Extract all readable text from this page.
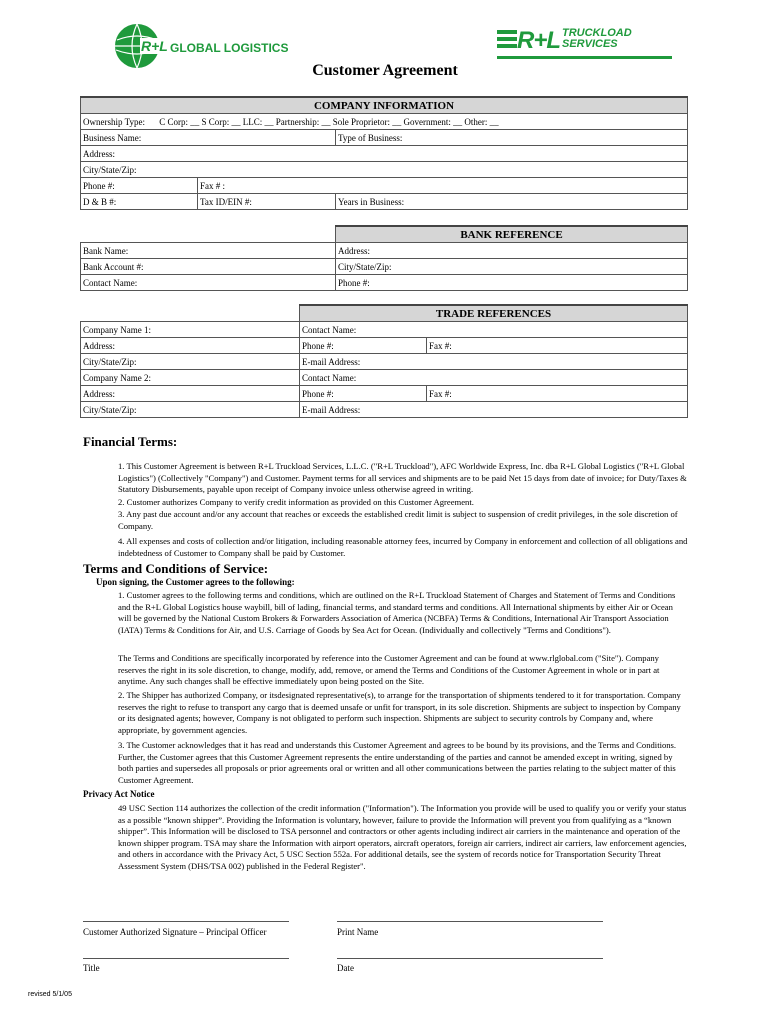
R+L GLOBAL LOGISTICS	R+L TRUCKLOAD
SERVICES
Customer Agreement
COMPANY INFORMATION		
Ownership Type: C Corp: __ S Corp: __ LLC: __ Partnership: __ Sole Proprietor: __ Government: __ Other: __		
Business Name:		Type of Business:
Address:		
City/State/Zip:		
Phone #:	Fax # :	
D & B #:	Tax ID/EIN #:	Years in Business:
	BANK REFERENCE
Bank Name:	Address:
Bank Account #:	City/State/Zip:
Contact Name:	Phone #:
	TRADE REFERENCES	
Company Name 1:	Contact Name:	
Address:	Phone #:	Fax #:
City/State/Zip:	E-mail Address:	
Company Name 2:	Contact Name:	
Address:	Phone #:	Fax #:
City/State/Zip:	E-mail Address:	
Financial Terms:
1. This Customer Agreement is between R+L Truckload Services, L.L.C. ("R+L Truckload"), AFC Worldwide Express, Inc. dba R+L Global Logistics ("R+L Global Logistics") (Collectively "Company") and Customer. Payment terms for all services and shipments are to be paid Net 15 days from date of invoice; for Duty/Taxes & Statutory Disbursements, payable upon receipt of Company invoice unless otherwise agreed in writing.
2. Customer authorizes Company to verify credit information as provided on this Customer Agreement.
3. Any past due account and/or any account that reaches or exceeds the established credit limit is subject to suspension of credit privileges, in the sole discretion of Company.
4. All expenses and costs of collection and/or litigation, including reasonable attorney fees, incurred by Company in enforcement and collection of all obligations and indebtedness of Customer to Company shall be paid by Customer.
Terms and Conditions of Service:
Upon signing, the Customer agrees to the following:
1. Customer agrees to the following terms and conditions, which are outlined on the R+L Truckload Statement of Charges and Statement of Terms and Conditions and the R+L Global Logistics house waybill, bill of lading, financial terms, and standard terms and conditions. All International shipments by either Air or Ocean will be governed by the National Custom Brokers & Forwarders Association of America (NCBFA) Terms & Conditions, International Air Transport Association (IATA) Terms & Conditions for Air, and U.S. Carriage of Goods by Sea Act for Ocean. (Individually and collectively "Terms and Conditions").
The Terms and Conditions are specifically incorporated by reference into the Customer Agreement and can be found at www.rlglobal.com ("Site"). Company reserves the right in its sole discretion, to change, modify, add, remove, or amend the Terms and Conditions of the Customer Agreement in whole or in part at anytime. Any such changes shall be effective immediately upon being posted on the Site.
2. The Shipper has authorized Company, or itsdesignated representative(s), to arrange for the transportation of shipments tendered to it for transportation. Company reserves the right to refuse to transport any cargo that is deemed unsafe or unfit for transport, in its sole discretion. Shipments are subject to inspection by Company or its designated agents; however, Company is not obligated to perform such inspection. Shipments are subject to security controls by Company and, where appropriate, by government agencies.
3. The Customer acknowledges that it has read and understands this Customer Agreement and agrees to be bound by its provisions, and the Terms and Conditions. Further, the Customer agrees that this Customer Agreement represents the entire understanding of the parties and cannot be amended except in writing, signed by both parties and supersedes all proposals or prior agreements oral or written and all other communications between the parties relating to the subject matter of this Customer Agreement.
Privacy Act Notice
49 USC Section 114 authorizes the collection of the credit information ("Information"). The Information you provide will be used to qualify you or verify your status as a possible “known shipper”. Providing the Information is voluntary, however, failure to provide the Information will prevent you from qualifying as a “known shipper”. This Information will be disclosed to TSA personnel and contractors or other agents including indirect air carriers in the maintenance and operation of the known shipper program. TSA may share the Information with airport operators, aircraft operators, foreign air carriers, indirect air carriers, law enforcement agencies, and others in accordance with the Privacy Act, 5 USC Section 552a. For additional details, see the system of records notice for Transportation Security Threat Assessment System (DHS/TSA 002) published in the Federal Register".
Customer Authorized Signature – Principal Officer	Print Name
Title	Date
revised 5/1/05
